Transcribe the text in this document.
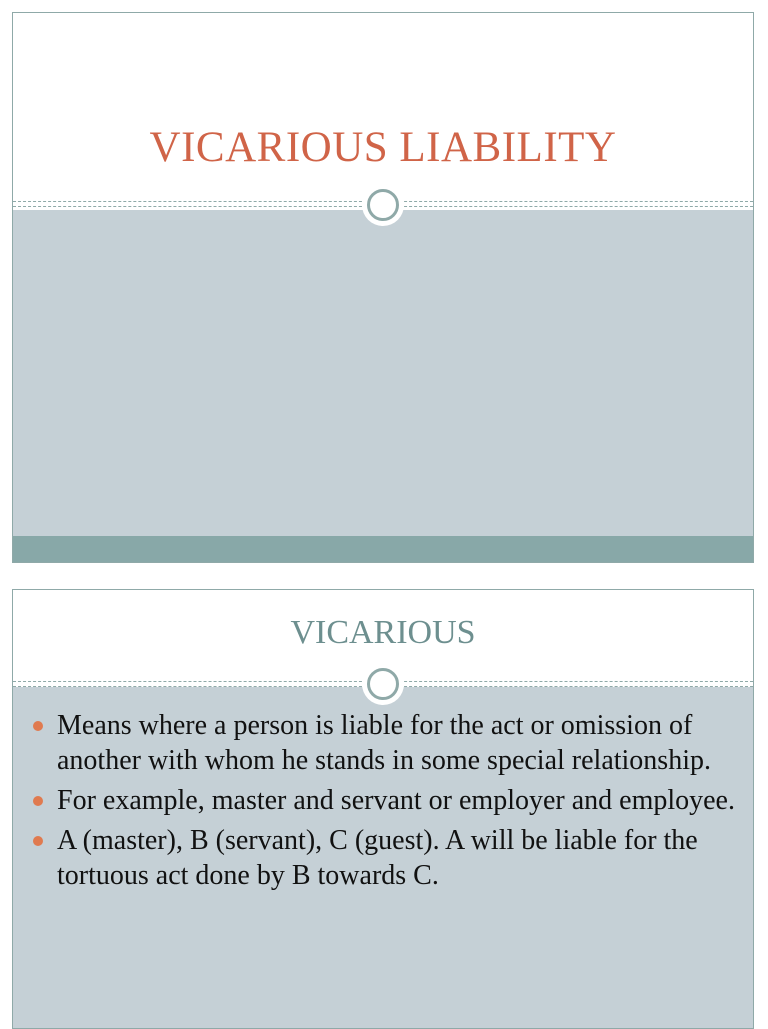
VICARIOUS LIABILITY
VICARIOUS
Means where a person is liable for the act or omission of another with whom he stands in some special relationship.
For example, master and servant or employer and employee.
A (master), B (servant), C (guest). A will be liable for the tortuous act done by B towards C.
